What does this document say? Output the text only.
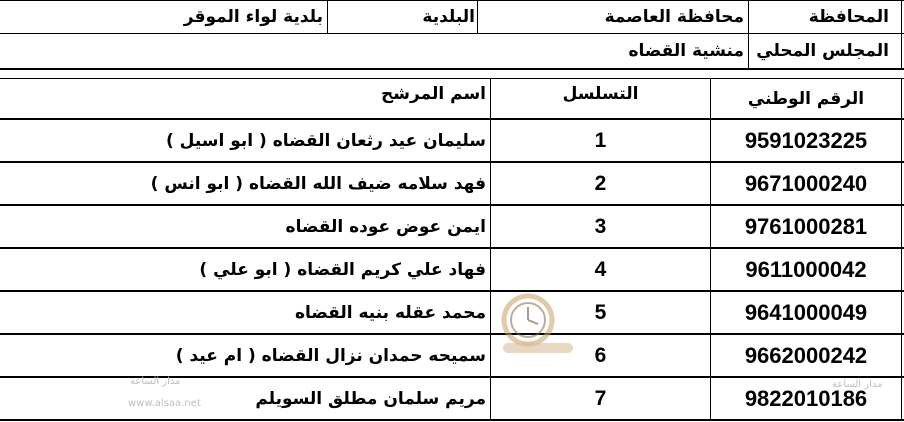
المحافظة
محافظة العاصمة
البلدية
بلدية لواء الموقر
المجلس المحلي
منشية القضاه
الرقم الوطني
التسلسل
اسم المرشح
9591023225
1
سليمان عيد رثعان القضاه ( ابو اسيل )
9671000240
2
فهد سلامه ضيف الله القضاه ( ابو انس )
9761000281
3
ايمن عوض عوده القضاه
9611000042
4
فهاد علي كريم القضاه ( ابو علي )
9641000049
5
محمد عقله بنيه القضاه
9662000242
6
سميحه حمدان نزال القضاه ( ام عيد )
9822010186
7
مريم سلمان مطلق السويلم
مدار الساعة
www.alsaa.net
مدار الساعة
